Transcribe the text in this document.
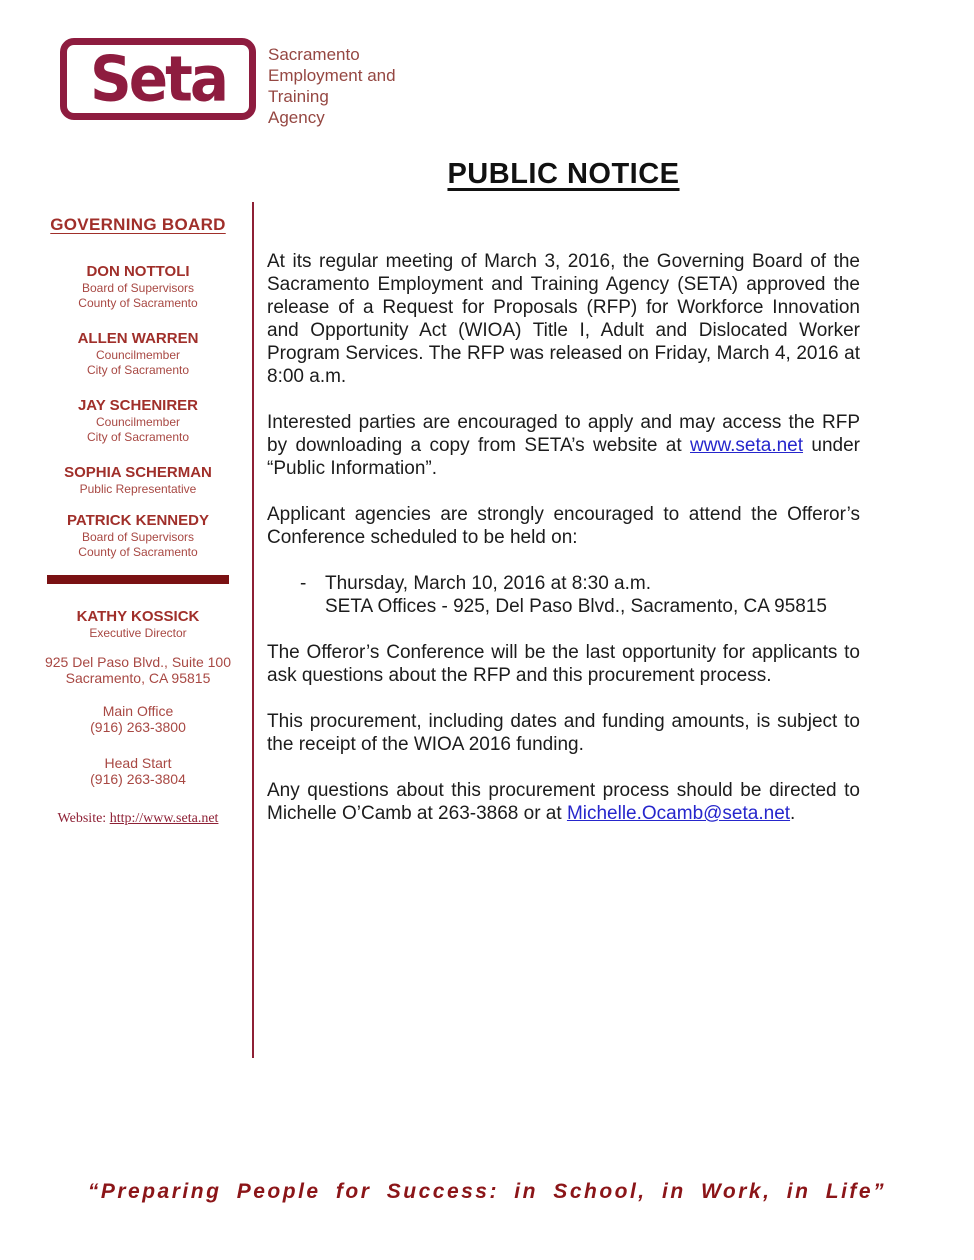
Seta Sacramento
Employment and
Training
Agency
PUBLIC NOTICE
GOVERNING BOARD
DON NOTTOLI
Board of Supervisors
County of Sacramento
ALLEN WARREN
Councilmember
City of Sacramento
JAY SCHENIRER
Councilmember
City of Sacramento
SOPHIA SCHERMAN
Public Representative
PATRICK KENNEDY
Board of Supervisors
County of Sacramento
KATHY KOSSICK
Executive Director
925 Del Paso Blvd., Suite 100
Sacramento, CA 95815
Main Office
(916) 263-3800
Head Start
(916) 263-3804
Website: http://www.seta.net

At its regular meeting of March 3, 2016, the Governing Board of the Sacramento Employment and Training Agency (SETA) approved the release of a Request for Proposals (RFP) for Workforce Innovation and Opportunity Act (WIOA) Title I, Adult and Dislocated Worker Program Services. The RFP was released on Friday, March 4, 2016 at 8:00 a.m.

Interested parties are encouraged to apply and may access the RFP by downloading a copy from SETA’s website at www.seta.net under “Public Information”.

Applicant agencies are strongly encouraged to attend the Offeror’s Conference scheduled to be held on:

- Thursday, March 10, 2016 at 8:30 a.m.
SETA Offices - 925, Del Paso Blvd., Sacramento, CA 95815

The Offeror’s Conference will be the last opportunity for applicants to ask questions about the RFP and this procurement process.

This procurement, including dates and funding amounts, is subject to the receipt of the WIOA 2016 funding.

Any questions about this procurement process should be directed to Michelle O’Camb at 263-3868 or at Michelle.Ocamb@seta.net.

“Preparing People for Success: in School, in Work, in Life”
